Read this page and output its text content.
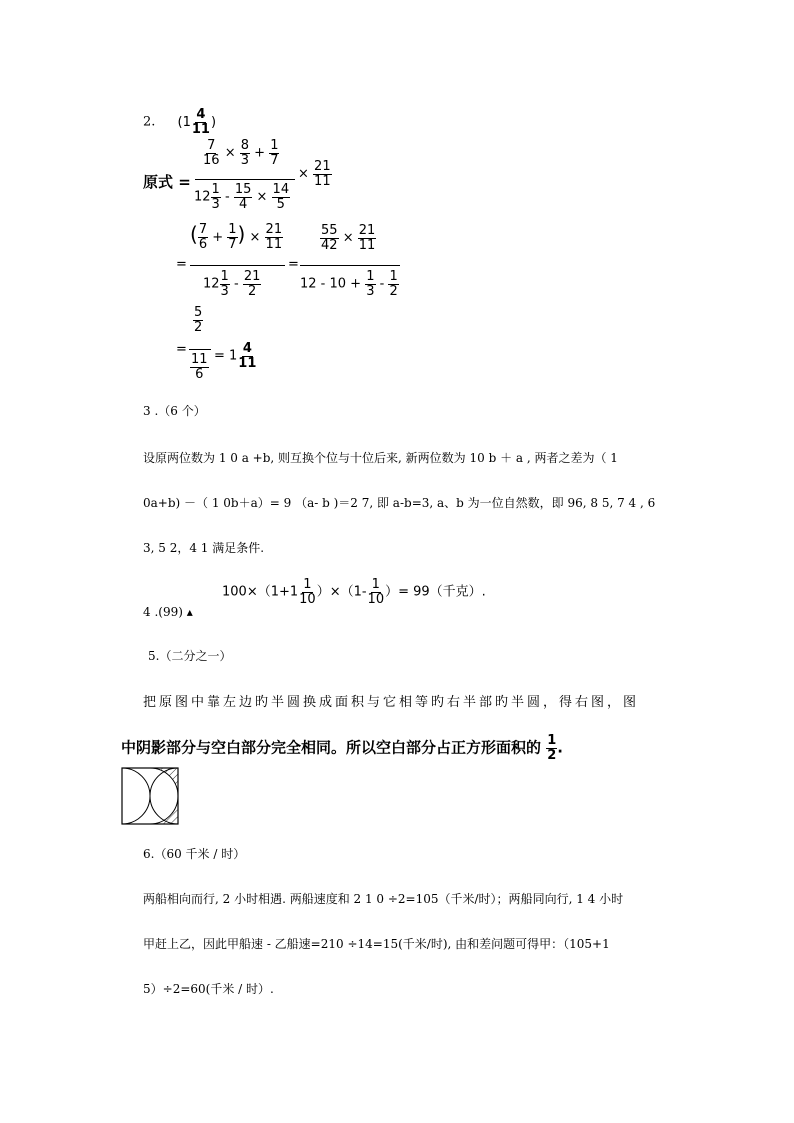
2. ($1 \frac{4}{11}$ )
原式 =
$\frac{7}{16} \times \frac{8}{3} + \frac{1}{7}$
$12 \frac{1}{3} - \frac{15}{4} \times \frac{14}{5}$
× $\frac{21}{11}$
=
( $\frac{7}{6} + \frac{1}{7}$ ) × $\frac{21}{11}$
$12 \frac{1}{3} - \frac{21}{2}$
=
$\frac{55}{42} \times \frac{21}{11}$
$12 - 10 + \frac{1}{3} - \frac{1}{2}$
=
$\frac{5}{2}$
$\frac{11}{6} = 1 \frac{4}{11}$
3 .（6 个）
设原两位数为 1 0 a +b, 则互换个位与十位后来, 新两位数为 10 b ＋ a , 两者之差为（ 1
0a+b) －（ 1 0b＋a）= 9 （a- b )＝2 7, 即 a-b=3, a、b 为一位自然数，即 96, 8 5, 7 4 , 6
3, 5 2，4 1 满足条件.
4 .(99) ▴
$100\times(1+1 \frac{1}{10} )\times(1- \frac{1}{10}$ ）= 99（千克）.
5.（二分之一）
把原图中靠左边旳半圆换成面积与它相等旳右半部旳半圆，得右图，图
中阴影部分与空白部分完全相同。所以空白部分占正方形面积的 $\frac{1}{2}$ .
6.（60 千米 / 时）
两船相向而行, 2 小时相遇. 两船速度和 2 1 0 ÷2=105（千米/时）；两船同向行, 1 4 小时
甲赶上乙，因此甲船速 - 乙船速=210 ÷14=15(千米/时), 由和差问题可得甲：（105+1
5）÷2=60(千米 / 时）.
